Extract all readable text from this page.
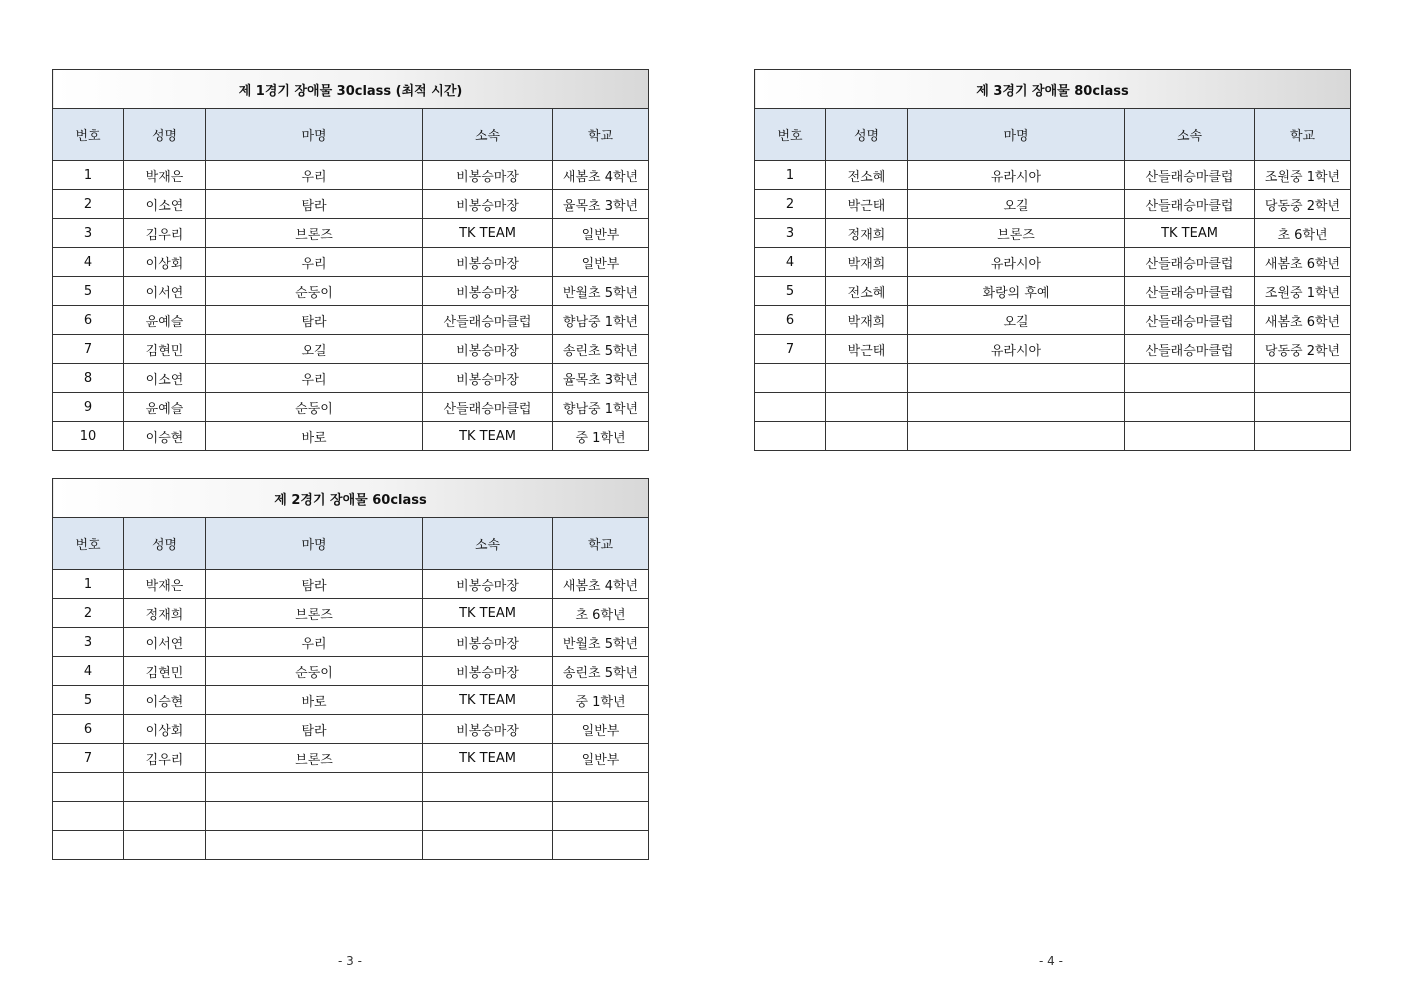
제 1경기 장애물 30class (최적 시간)				
번호	성명	마명	소속	학교
1	박재은	우리	비봉승마장	새봄초 4학년
2	이소연	탐라	비봉승마장	율목초 3학년
3	김우리	브론즈	TK TEAM	일반부
4	이상회	우리	비봉승마장	일반부
5	이서연	순둥이	비봉승마장	반월초 5학년
6	윤예슬	탐라	산들래승마클럽	향남중 1학년
7	김현민	오길	비봉승마장	송린초 5학년
8	이소연	우리	비봉승마장	율목초 3학년
9	윤예슬	순둥이	산들래승마클럽	향남중 1학년
10	이승현	바로	TK TEAM	중 1학년
제 2경기 장애물 60class				
번호	성명	마명	소속	학교
1	박재은	탐라	비봉승마장	새봄초 4학년
2	정재희	브론즈	TK TEAM	초 6학년
3	이서연	우리	비봉승마장	반월초 5학년
4	김현민	순둥이	비봉승마장	송린초 5학년
5	이승현	바로	TK TEAM	중 1학년
6	이상회	탐라	비봉승마장	일반부
7	김우리	브론즈	TK TEAM	일반부

제 3경기 장애물 80class				
번호	성명	마명	소속	학교
1	전소혜	유라시아	산들래승마클럽	조원중 1학년
2	박근태	오길	산들래승마클럽	당동중 2학년
3	정재희	브론즈	TK TEAM	초 6학년
4	박재희	유라시아	산들래승마클럽	새봄초 6학년
5	전소혜	화랑의 후예	산들래승마클럽	조원중 1학년
6	박재희	오길	산들래승마클럽	새봄초 6학년
7	박근태	유라시아	산들래승마클럽	당동중 2학년

- 3 -	- 4 -
